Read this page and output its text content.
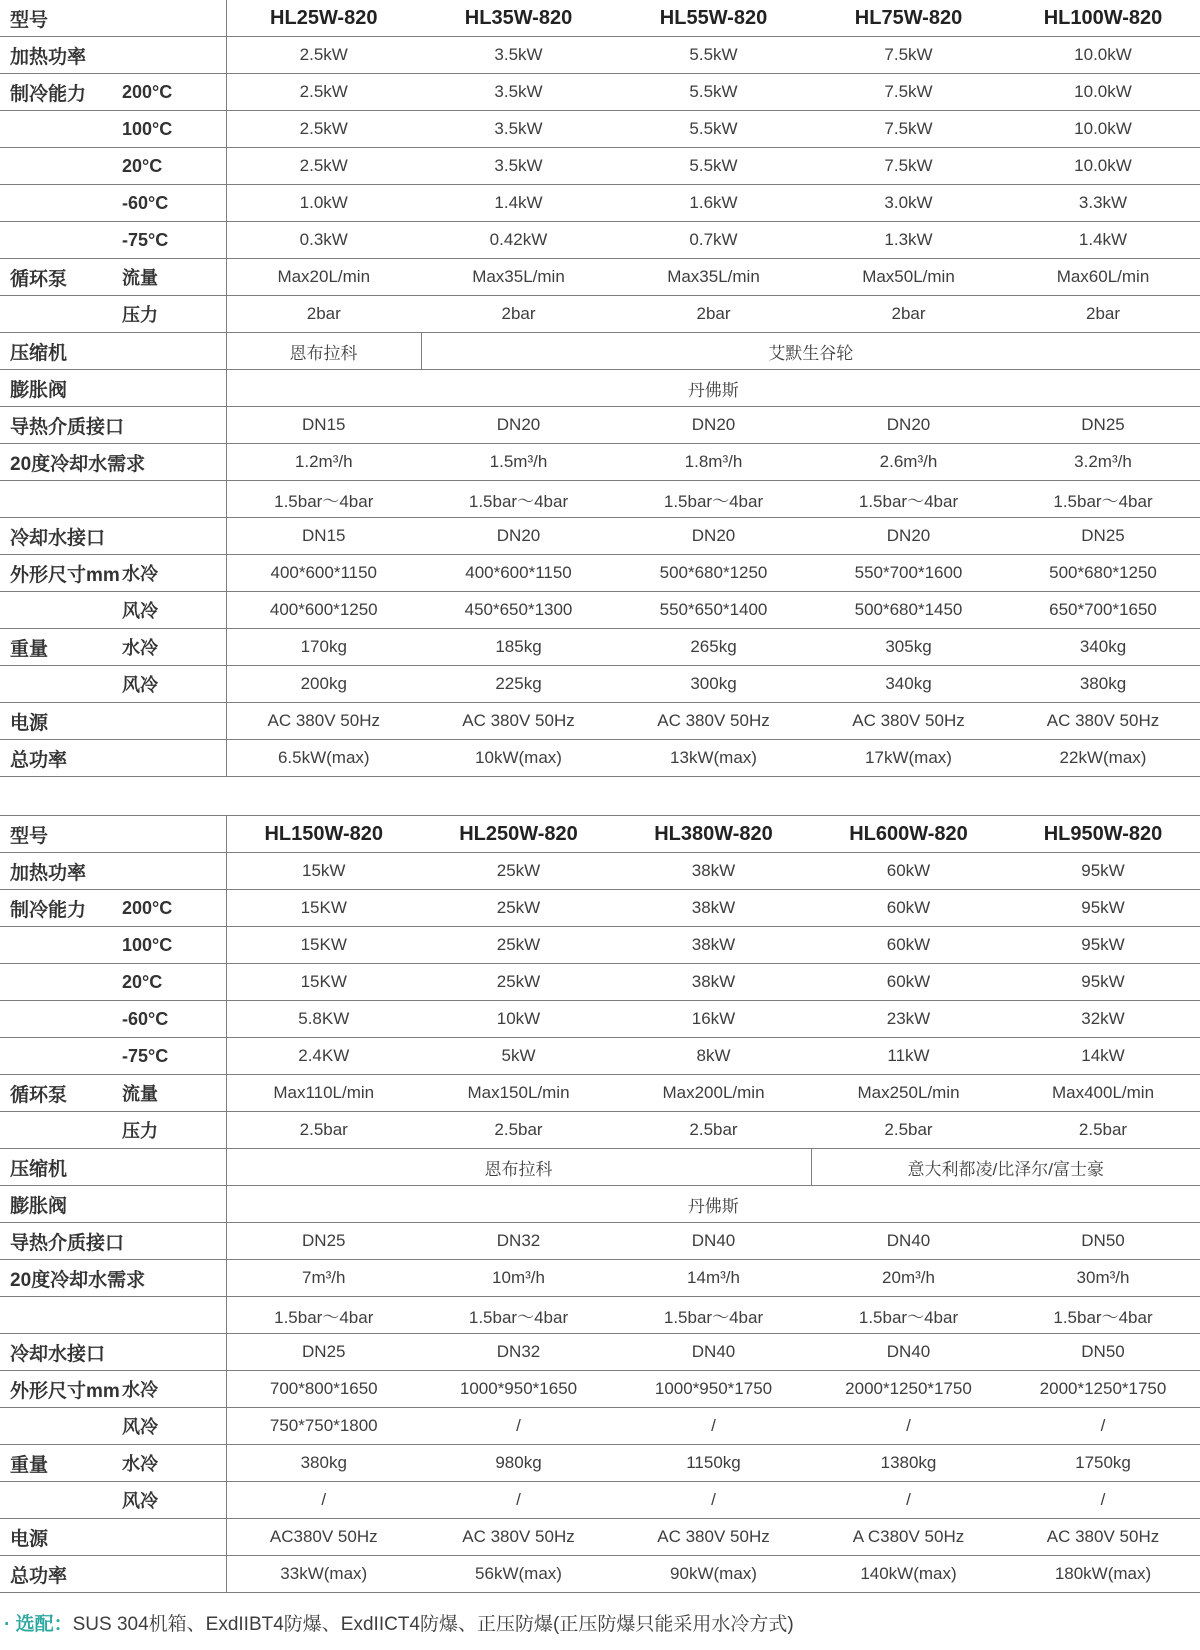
型号	HL25W-820	HL35W-820	HL55W-820	HL75W-820	HL100W-820

加热功率	2.5kW	3.5kW	5.5kW	7.5kW	10.0kW

制冷能力 200°C	2.5kW	3.5kW	5.5kW	7.5kW	10.0kW

100°C	2.5kW	3.5kW	5.5kW	7.5kW	10.0kW

20°C	2.5kW	3.5kW	5.5kW	7.5kW	10.0kW

-60°C	1.0kW	1.4kW	1.6kW	3.0kW	3.3kW

-75°C	0.3kW	0.42kW	0.7kW	1.3kW	1.4kW

循环泵 流量	Max20L/min	Max35L/min	Max35L/min	Max50L/min	Max60L/min

压力	2bar	2bar	2bar	2bar	2bar

压缩机	恩布拉科	艾默生谷轮			

膨胀阀	丹佛斯				

导热介质接口	DN15	DN20	DN20	DN20	DN25

20度冷却水需求	1.2m³/h	1.5m³/h	1.8m³/h	2.6m³/h	3.2m³/h

	1.5bar～4bar	1.5bar～4bar	1.5bar～4bar	1.5bar～4bar	1.5bar～4bar

冷却水接口	DN15	DN20	DN20	DN20	DN25

外形尺寸mm 水冷	400*600*1150	400*600*1150	500*680*1250	550*700*1600	500*680*1250

风冷	400*600*1250	450*650*1300	550*650*1400	500*680*1450	650*700*1650

重量 水冷	170kg	185kg	265kg	305kg	340kg

风冷	200kg	225kg	300kg	340kg	380kg

电源	AC 380V 50Hz	AC 380V 50Hz	AC 380V 50Hz	AC 380V 50Hz	AC 380V 50Hz

总功率	6.5kW(max)	10kW(max)	13kW(max)	17kW(max)	22kW(max)
型号	HL150W-820	HL250W-820	HL380W-820	HL600W-820	HL950W-820

加热功率	15kW	25kW	38kW	60kW	95kW

制冷能力 200°C	15KW	25kW	38kW	60kW	95kW

100°C	15KW	25kW	38kW	60kW	95kW

20°C	15KW	25kW	38kW	60kW	95kW

-60°C	5.8KW	10kW	16kW	23kW	32kW

-75°C	2.4KW	5kW	8kW	11kW	14kW

循环泵 流量	Max110L/min	Max150L/min	Max200L/min	Max250L/min	Max400L/min

压力	2.5bar	2.5bar	2.5bar	2.5bar	2.5bar

压缩机	恩布拉科			意大利都凌/比泽尔/富士豪	

膨胀阀	丹佛斯				

导热介质接口	DN25	DN32	DN40	DN40	DN50

20度冷却水需求	7m³/h	10m³/h	14m³/h	20m³/h	30m³/h

	1.5bar～4bar	1.5bar～4bar	1.5bar～4bar	1.5bar～4bar	1.5bar～4bar

冷却水接口	DN25	DN32	DN40	DN40	DN50

外形尺寸mm 水冷	700*800*1650	1000*950*1650	1000*950*1750	2000*1250*1750	2000*1250*1750

风冷	750*750*1800	/	/	/	/

重量 水冷	380kg	980kg	1150kg	1380kg	1750kg

风冷	/	/	/	/	/

电源	AC380V 50Hz	AC 380V 50Hz	AC 380V 50Hz	A C380V 50Hz	AC 380V 50Hz

总功率	33kW(max)	56kW(max)	90kW(max)	140kW(max)	180kW(max)
· 选配：SUS 304机箱、ExdIIBT4防爆、ExdIICT4防爆、正压防爆(正压防爆只能采用水冷方式)
